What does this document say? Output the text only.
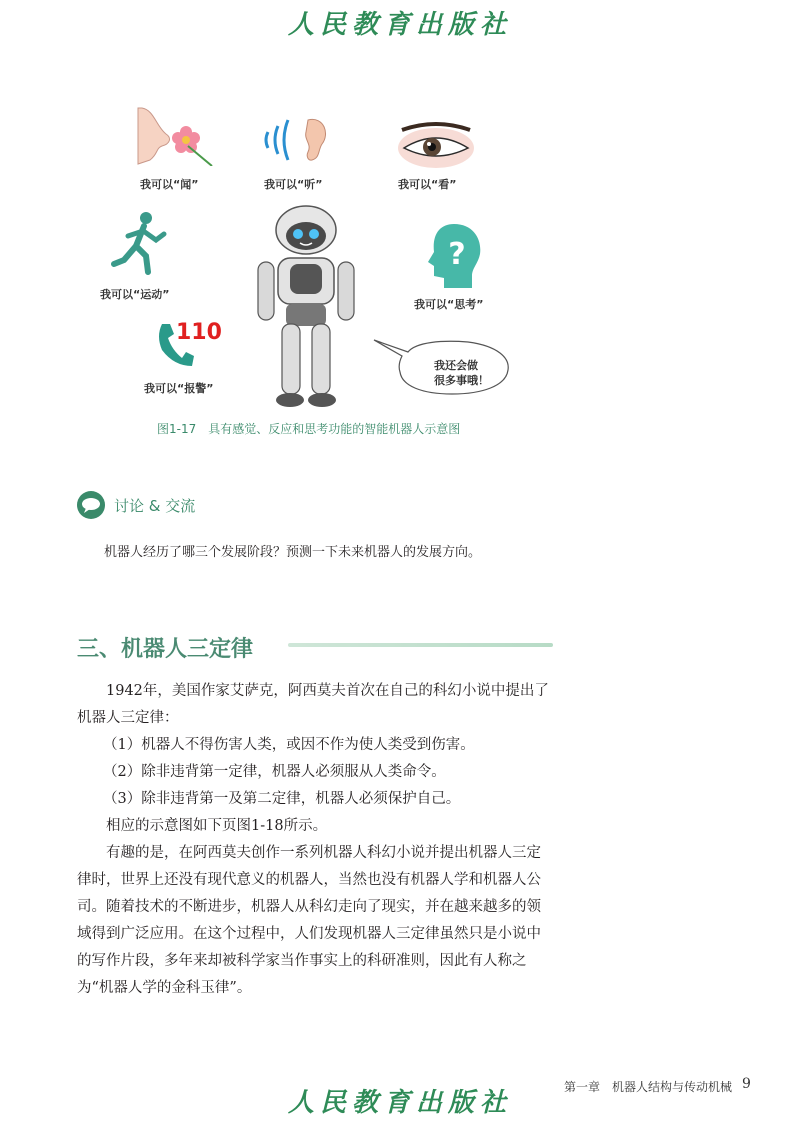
人民教育出版社
我可以“闻”	我可以“听”	我可以“看”
我可以“运动”
?
我可以“思考”
110
我可以“报警”
我还会做
很多事哦！
图1-17　具有感觉、反应和思考功能的智能机器人示意图
讨论 & 交流
机器人经历了哪三个发展阶段？预测一下未来机器人的发展方向。
三、机器人三定律

1942年，美国作家艾萨克，阿西莫夫首次在自己的科幻小说中提出了机器人三定律：

（1）机器人不得伤害人类，或因不作为使人类受到伤害。

（2）除非违背第一定律，机器人必须服从人类命令。

（3）除非违背第一及第二定律，机器人必须保护自己。

相应的示意图如下页图1-18所示。

有趣的是，在阿西莫夫创作一系列机器人科幻小说并提出机器人三定律时，世界上还没有现代意义的机器人，当然也没有机器人学和机器人公司。随着技术的不断进步，机器人从科幻走向了现实，并在越来越多的领域得到广泛应用。在这个过程中，人们发现机器人三定律虽然只是小说中的写作片段，多年来却被科学家当作事实上的科研准则，因此有人称之为“机器人学的金科玉律”。

人民教育出版社
第一章　机器人结构与传动机械 9
